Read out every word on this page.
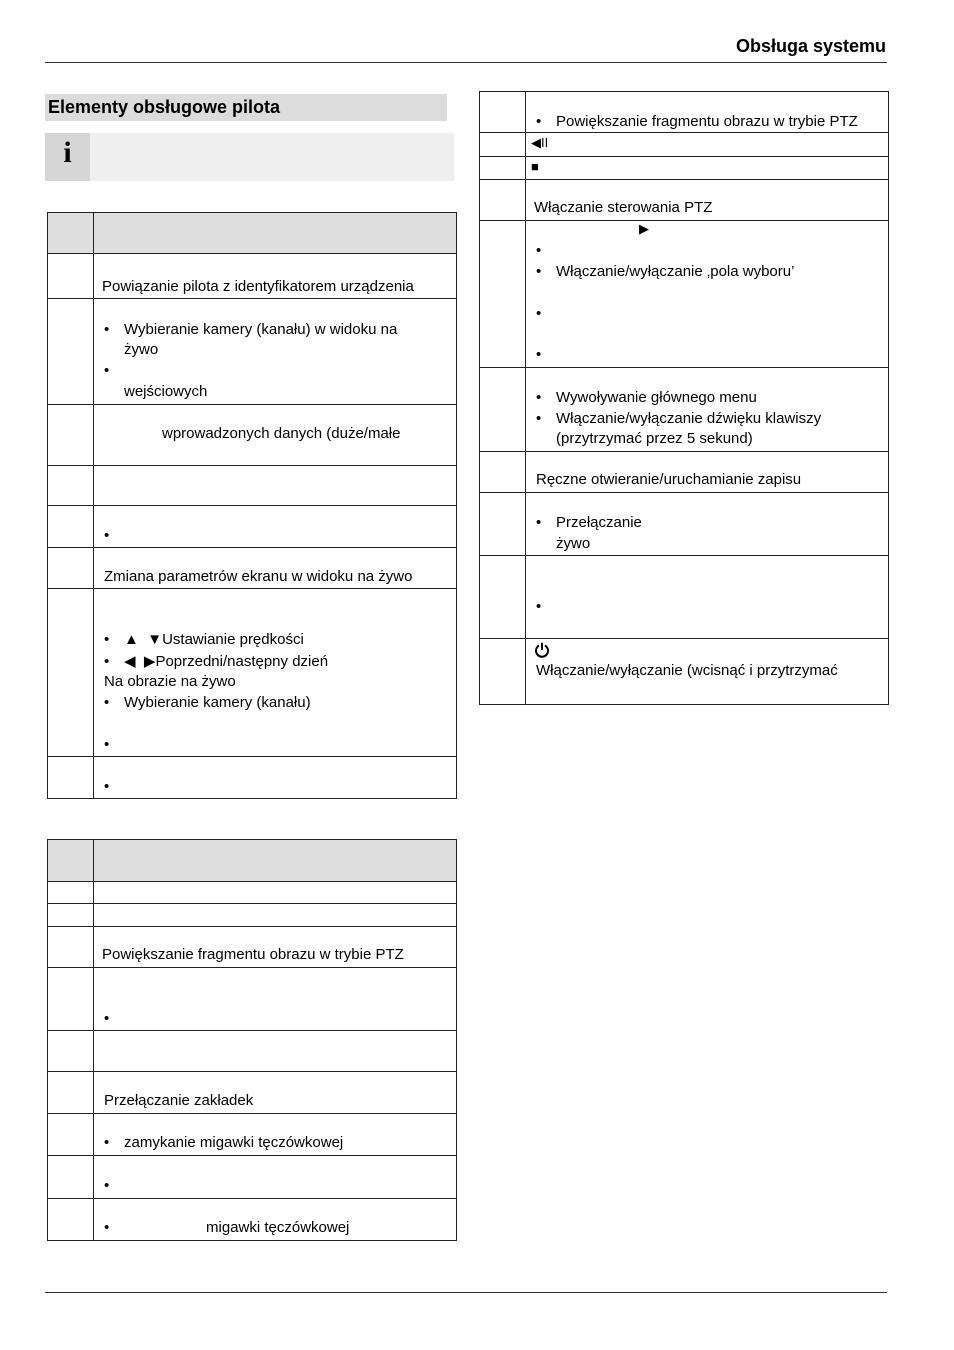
Obsługa systemu
Elementy obsługowe pilota
i

	Powiązanie pilota z identyfikatorem urządzenia

	• Wybieranie kamery (kanału) w widoku na
żywo
wejściowych

	wprowadzonych danych (duże/małe

	Zmiana parametrów ekranu w widoku na żywo

	• ▲ ▼Ustawianie prędkości
• ◀ ▶Poprzedni/następny dzień
Na obrazie na żywo
• Wybieranie kamery (kanału)

	Powiększanie fragmentu obrazu w trybie PTZ

	Przełączanie zakładek

	• zamykanie migawki tęczówkowej

	migawki tęczówkowej

	• Powiększanie fragmentu obrazu w trybie PTZ

	◀II

	■

	Włączanie sterowania PTZ

	▶
• Włączanie/wyłączanie ‚pola wyboru’

	• Wywoływanie głównego menu
• Włączanie/wyłączanie dźwięku klawiszy
(przytrzymać przez 5 sekund)

	Ręczne otwieranie/uruchamianie zapisu

	• Przełączanie
żywo

	Włączanie/wyłączanie (wcisnąć i przytrzymać
